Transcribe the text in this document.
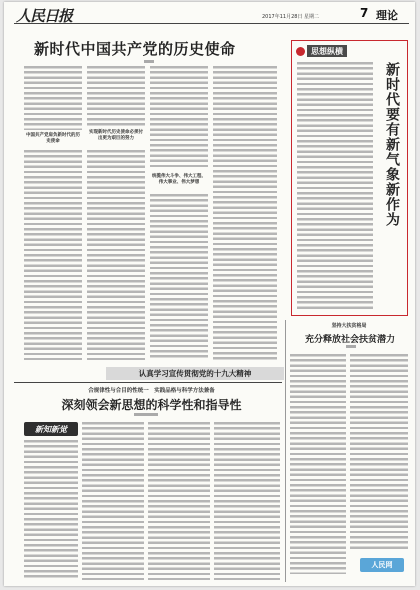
人民日报	2017年11月28日 星期二	7 理论
新时代中国共产党的历史使命

中国共产党肩负新时代的历史使命

实现新时代历史使命必须付出更为艰巨的努力

统揽伟大斗争、伟大工程、伟大事业、伟大梦想

思想纵横

新时代要有新气象新作为
坚持大扶贫格局
充分释放社会扶贫潜力

人民网
认真学习宣传贯彻党的十九大精神
合规律性与合目的性统一　实践品格与科学方法兼备
深刻领会新思想的科学性和指导性
新知新觉
